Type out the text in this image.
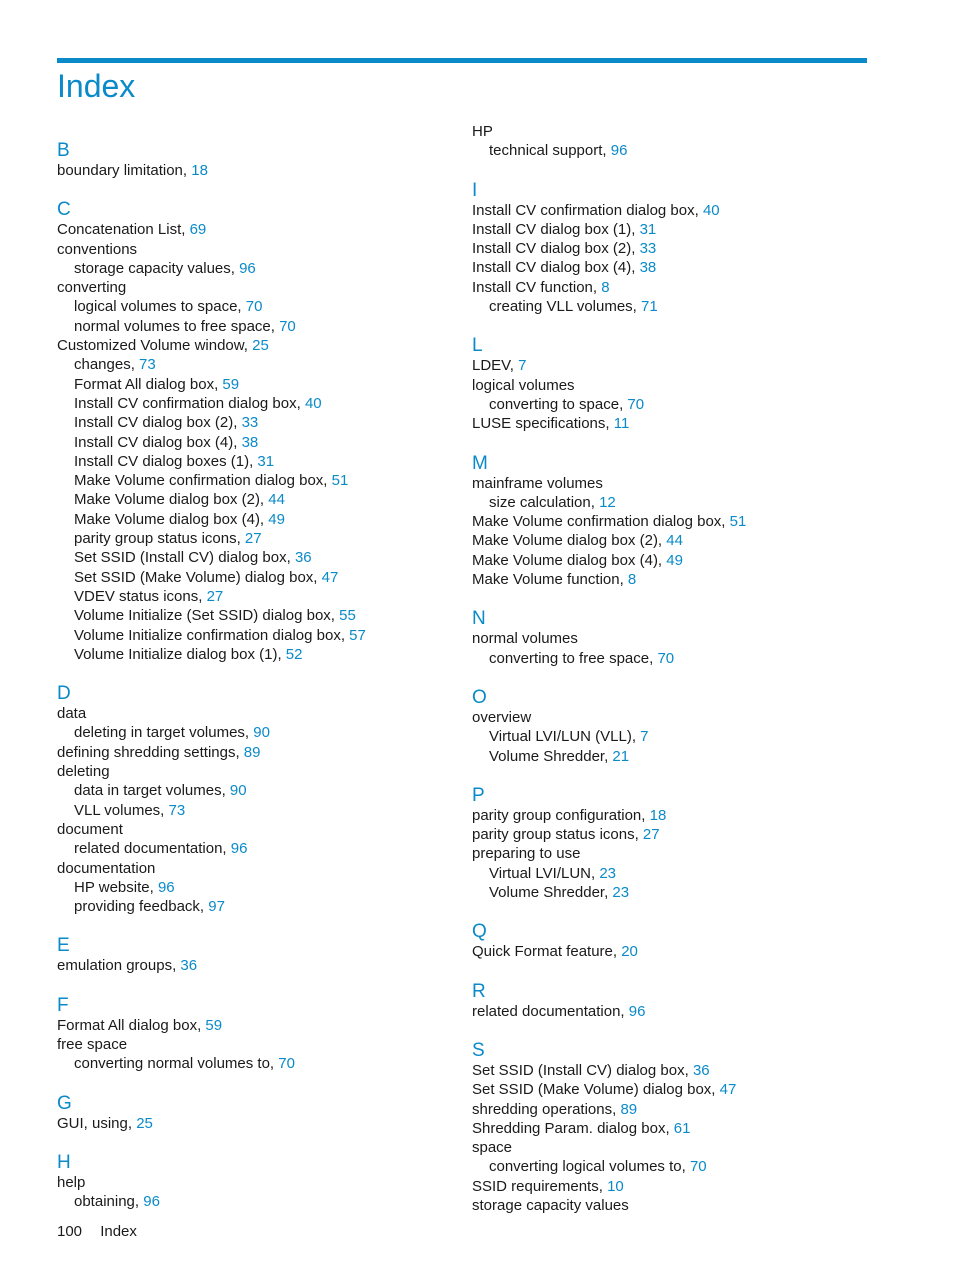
Index
B
boundary limitation, 18
C
Concatenation List, 69
conventions
storage capacity values, 96
converting
logical volumes to space, 70
normal volumes to free space, 70
Customized Volume window, 25
changes, 73
Format All dialog box, 59
Install CV confirmation dialog box, 40
Install CV dialog box (2), 33
Install CV dialog box (4), 38
Install CV dialog boxes (1), 31
Make Volume confirmation dialog box, 51
Make Volume dialog box (2), 44
Make Volume dialog box (4), 49
parity group status icons, 27
Set SSID (Install CV) dialog box, 36
Set SSID (Make Volume) dialog box, 47
VDEV status icons, 27
Volume Initialize (Set SSID) dialog box, 55
Volume Initialize confirmation dialog box, 57
Volume Initialize dialog box (1), 52
D
data
deleting in target volumes, 90
defining shredding settings, 89
deleting
data in target volumes, 90
VLL volumes, 73
document
related documentation, 96
documentation
HP website, 96
providing feedback, 97
E
emulation groups, 36
F
Format All dialog box, 59
free space
converting normal volumes to, 70
G
GUI, using, 25
H
help
obtaining, 96
HP
technical support, 96
I
Install CV confirmation dialog box, 40
Install CV dialog box (1), 31
Install CV dialog box (2), 33
Install CV dialog box (4), 38
Install CV function, 8
creating VLL volumes, 71
L
LDEV, 7
logical volumes
converting to space, 70
LUSE specifications, 11
M
mainframe volumes
size calculation, 12
Make Volume confirmation dialog box, 51
Make Volume dialog box (2), 44
Make Volume dialog box (4), 49
Make Volume function, 8
N
normal volumes
converting to free space, 70
O
overview
Virtual LVI/LUN (VLL), 7
Volume Shredder, 21
P
parity group configuration, 18
parity group status icons, 27
preparing to use
Virtual LVI/LUN, 23
Volume Shredder, 23
Q
Quick Format feature, 20
R
related documentation, 96
S
Set SSID (Install CV) dialog box, 36
Set SSID (Make Volume) dialog box, 47
shredding operations, 89
Shredding Param. dialog box, 61
space
converting logical volumes to, 70
SSID requirements, 10
storage capacity values
100 Index
